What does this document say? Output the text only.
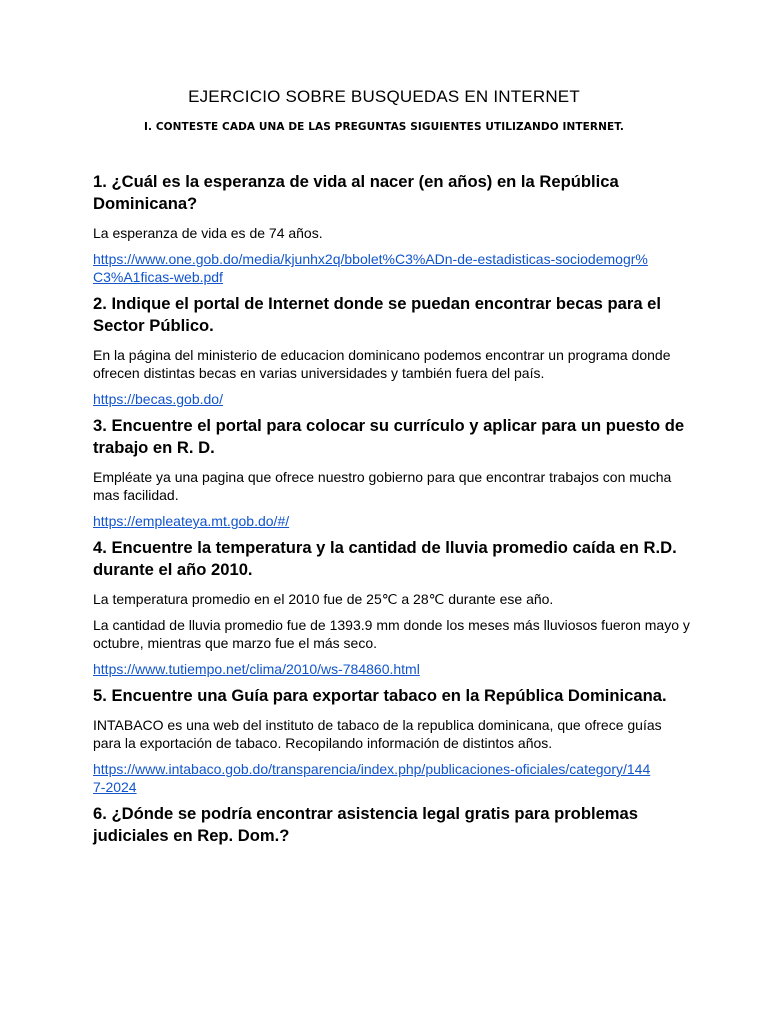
EJERCICIO SOBRE BUSQUEDAS EN INTERNET
I. CONTESTE CADA UNA DE LAS PREGUNTAS SIGUIENTES UTILIZANDO INTERNET.
1. ¿Cuál es la esperanza de vida al nacer (en años) en la República Dominicana?
La esperanza de vida es de 74 años.
https://www.one.gob.do/media/kjunhx2q/bbolet%C3%ADn-de-estadisticas-sociodemogr%C3%A1ficas-web.pdf
2. Indique el portal de Internet donde se puedan encontrar becas para el Sector Público.
En la página del ministerio de educacion dominicano podemos encontrar un programa donde ofrecen distintas becas en varias universidades y también fuera del país.
https://becas.gob.do/
3. Encuentre el portal para colocar su currículo y aplicar para un puesto de trabajo en R. D.
Empléate ya una pagina que ofrece nuestro gobierno para que encontrar trabajos con mucha mas facilidad.
https://empleateya.mt.gob.do/#/
4. Encuentre la temperatura y la cantidad de lluvia promedio caída en R.D. durante el año 2010.
La temperatura promedio en el 2010 fue de 25℃ a 28℃ durante ese año.
La cantidad de lluvia promedio fue de 1393.9 mm donde los meses más lluviosos fueron mayo y octubre, mientras que marzo fue el más seco.
https://www.tutiempo.net/clima/2010/ws-784860.html
5. Encuentre una Guía para exportar tabaco en la República Dominicana.
INTABACO es una web del instituto de tabaco de la republica dominicana, que ofrece guías para la exportación de tabaco. Recopilando información de distintos años.
https://www.intabaco.gob.do/transparencia/index.php/publicaciones-oficiales/category/1447-2024
6. ¿Dónde se podría encontrar asistencia legal gratis para problemas judiciales en Rep. Dom.?
